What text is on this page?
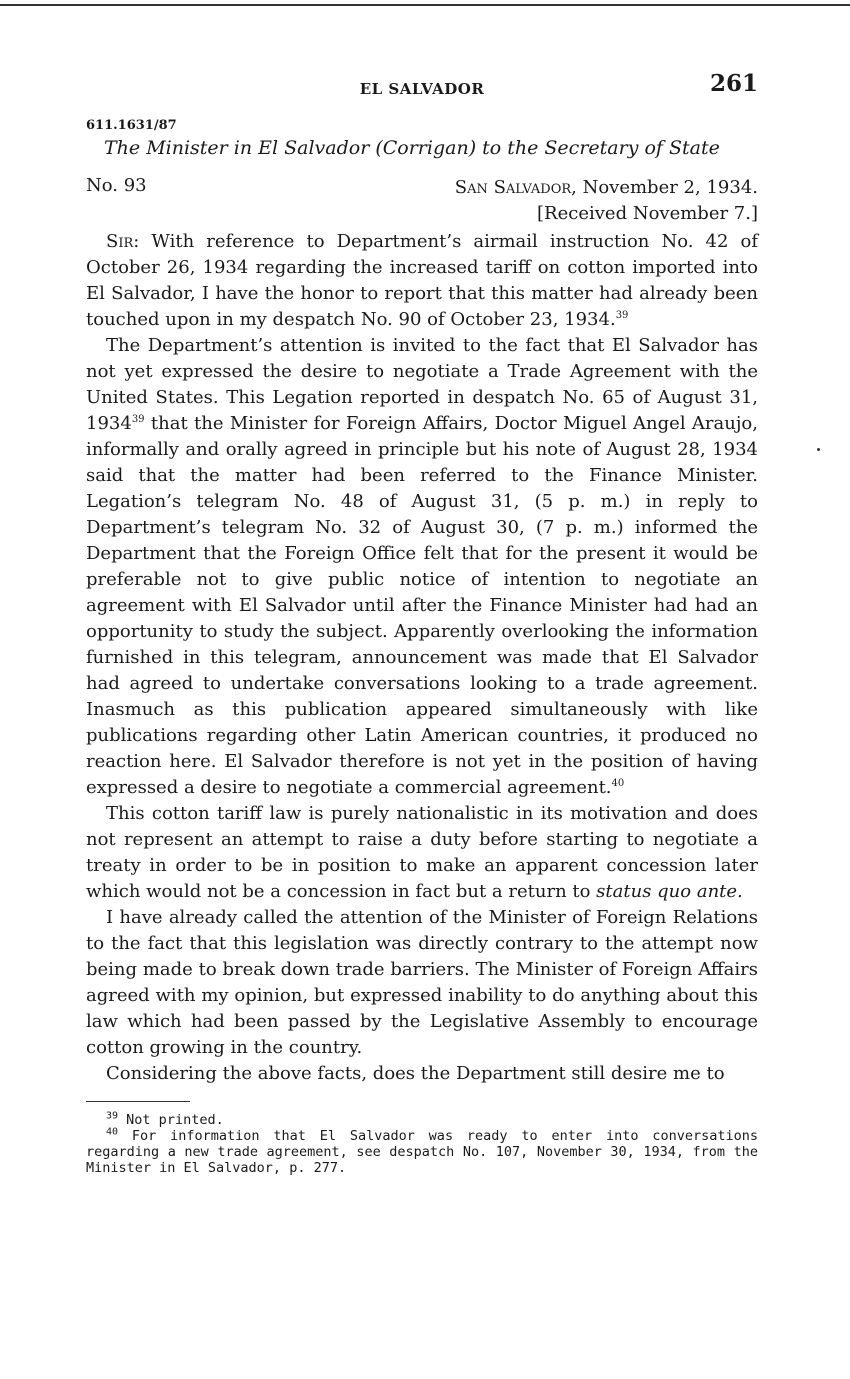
EL SALVADOR	261
611.1631/87
The Minister in El Salvador (Corrigan) to the Secretary of State
No. 93	San Salvador, November 2, 1934.
[Received November 7.]

Sir: With reference to Department’s airmail instruction No. 42 of October 26, 1934 regarding the increased tariff on cotton imported into El Salvador, I have the honor to report that this matter had already been touched upon in my despatch No. 90 of October 23, 1934.39

The Department’s attention is invited to the fact that El Salvador has not yet expressed the desire to negotiate a Trade Agreement with the United States. This Legation reported in despatch No. 65 of August 31, 1934$^{39}$ that the Minister for Foreign Affairs, Doctor Miguel Angel Araujo, informally and orally agreed in principle but his note of August 28, 1934 said that the matter had been referred to the Finance Minister. Legation’s telegram No. 48 of August 31, (5 p. m.) in reply to Department’s telegram No. 32 of August 30, (7 p. m.) informed the Department that the Foreign Office felt that for the present it would be preferable not to give public notice of intention to negotiate an agreement with El Salvador until after the Finance Minister had had an opportunity to study the subject. Apparently overlooking the information furnished in this telegram, announcement was made that El Salvador had agreed to undertake conversations looking to a trade agreement. Inasmuch as this publication appeared simultaneously with like publications regarding other Latin American countries, it produced no reaction here. El Salvador therefore is not yet in the position of having expressed a desire to negotiate a commercial agreement.$^{40}$

This cotton tariff law is purely nationalistic in its motivation and does not represent an attempt to raise a duty before starting to negotiate a treaty in order to be in position to make an apparent concession later which would not be a concession in fact but a return to status quo ante.

I have already called the attention of the Minister of Foreign Relations to the fact that this legislation was directly contrary to the attempt now being made to break down trade barriers. The Minister of Foreign Affairs agreed with my opinion, but expressed inability to do anything about this law which had been passed by the Legislative Assembly to encourage cotton growing in the country.

Considering the above facts, does the Department still desire me to

$^{39}$ Not printed.

$^{40}$ For information that El Salvador was ready to enter into conversations regarding a new trade agreement, see despatch No. 107, November 30, 1934, from the Minister in El Salvador, p. 277.
